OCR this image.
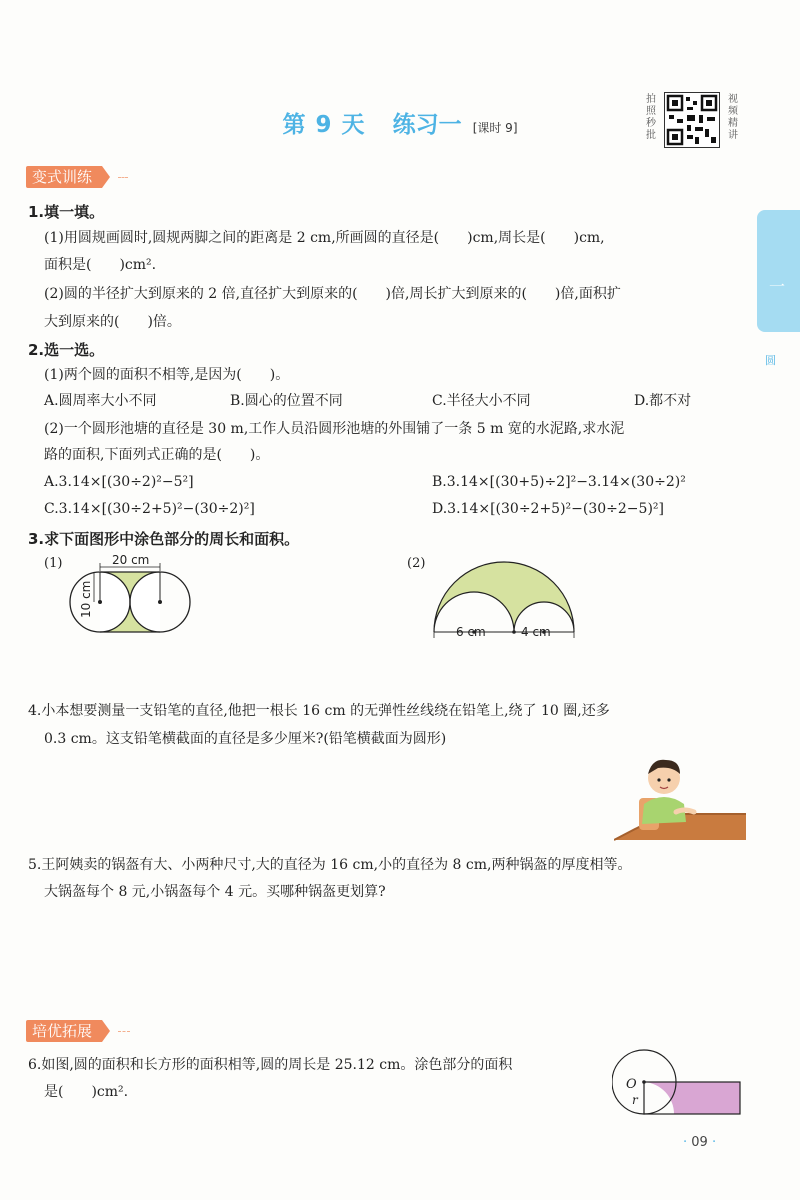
第 9 天 练习一 [课时 9]
拍照秒批
视频精讲
一
圆
变式训练
1.填一填。
(1)用圆规画圆时,圆规两脚之间的距离是 2 cm,所画圆的直径是(　　)cm,周长是(　　)cm,
面积是(　　)cm².
(2)圆的半径扩大到原来的 2 倍,直径扩大到原来的(　　)倍,周长扩大到原来的(　　)倍,面积扩
大到原来的(　　)倍。
2.选一选。
(1)两个圆的面积不相等,是因为(　　)。
A.圆周率大小不同	B.圆心的位置不同	C.半径大小不同	D.都不对
(2)一个圆形池塘的直径是 30 m,工作人员沿圆形池塘的外围铺了一条 5 m 宽的水泥路,求水泥
路的面积,下面列式正确的是(　　)。
A.3.14×[(30÷2)²−5²]	B.3.14×[(30+5)÷2]²−3.14×(30÷2)²
C.3.14×[(30÷2+5)²−(30÷2)²]	D.3.14×[(30÷2+5)²−(30÷2−5)²]
3.求下面图形中涂色部分的周长和面积。
(1)	(2)
20 cm
10 cm
6 cm	4 cm
4.小本想要测量一支铅笔的直径,他把一根长 16 cm 的无弹性丝线绕在铅笔上,绕了 10 圈,还多
0.3 cm。这支铅笔横截面的直径是多少厘米?(铅笔横截面为圆形)
5.王阿姨卖的锅盔有大、小两种尺寸,大的直径为 16 cm,小的直径为 8 cm,两种锅盔的厚度相等。
大锅盔每个 8 元,小锅盔每个 4 元。买哪种锅盔更划算?
培优拓展
6.如图,圆的面积和长方形的面积相等,圆的周长是 25.12 cm。涂色部分的面积
是(　　)cm².	O
r
· 09 ·
